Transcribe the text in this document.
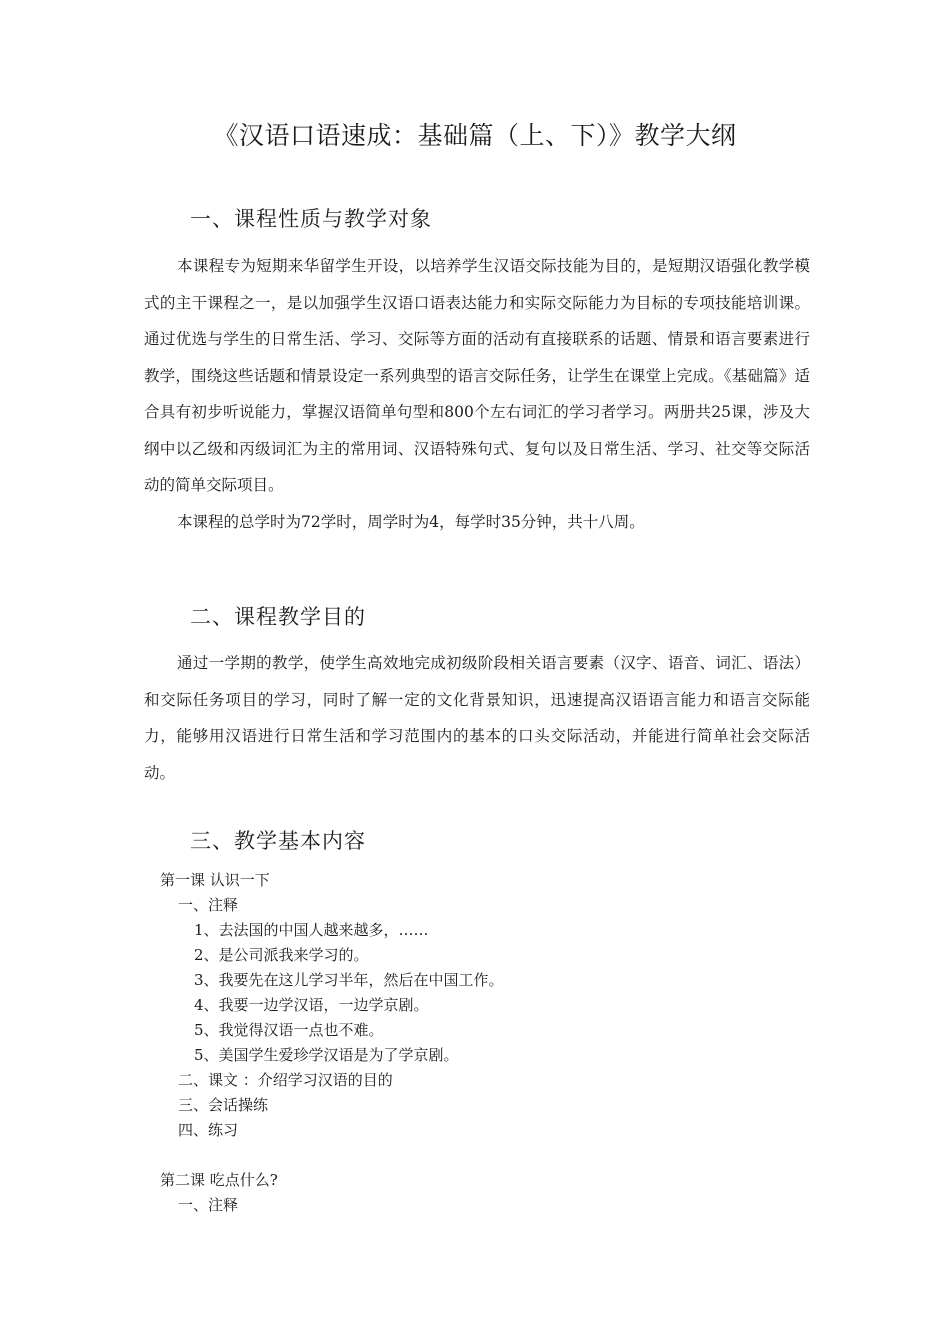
《汉语口语速成：基础篇（上、下）》教学大纲
一、课程性质与教学对象

本课程专为短期来华留学生开设，以培养学生汉语交际技能为目的，是短期汉语强化教学模式的主干课程之一，是以加强学生汉语口语表达能力和实际交际能力为目标的专项技能培训课。通过优选与学生的日常生活、学习、交际等方面的活动有直接联系的话题、情景和语言要素进行教学，围绕这些话题和情景设定一系列典型的语言交际任务，让学生在课堂上完成。《基础篇》适合具有初步听说能力，掌握汉语简单句型和800个左右词汇的学习者学习。两册共25课，涉及大纲中以乙级和丙级词汇为主的常用词、汉语特殊句式、复句以及日常生活、学习、社交等交际活动的简单交际项目。

本课程的总学时为72学时，周学时为4，每学时35分钟，共十八周。

二、课程教学目的

通过一学期的教学，使学生高效地完成初级阶段相关语言要素（汉字、语音、词汇、语法）和交际任务项目的学习，同时了解一定的文化背景知识，迅速提高汉语语言能力和语言交际能力，能够用汉语进行日常生活和学习范围内的基本的口头交际活动，并能进行简单社会交际活动。

三、教学基本内容
第一课 认识一下
一、注释
1、去法国的中国人越来越多，……
2、是公司派我来学习的。
3、我要先在这儿学习半年，然后在中国工作。
4、我要一边学汉语，一边学京剧。
5、我觉得汉语一点也不难。
5、美国学生爱珍学汉语是为了学京剧。
二、课文 ：介绍学习汉语的目的
三、会话操练
四、练习
第二课 吃点什么?
一、注释
